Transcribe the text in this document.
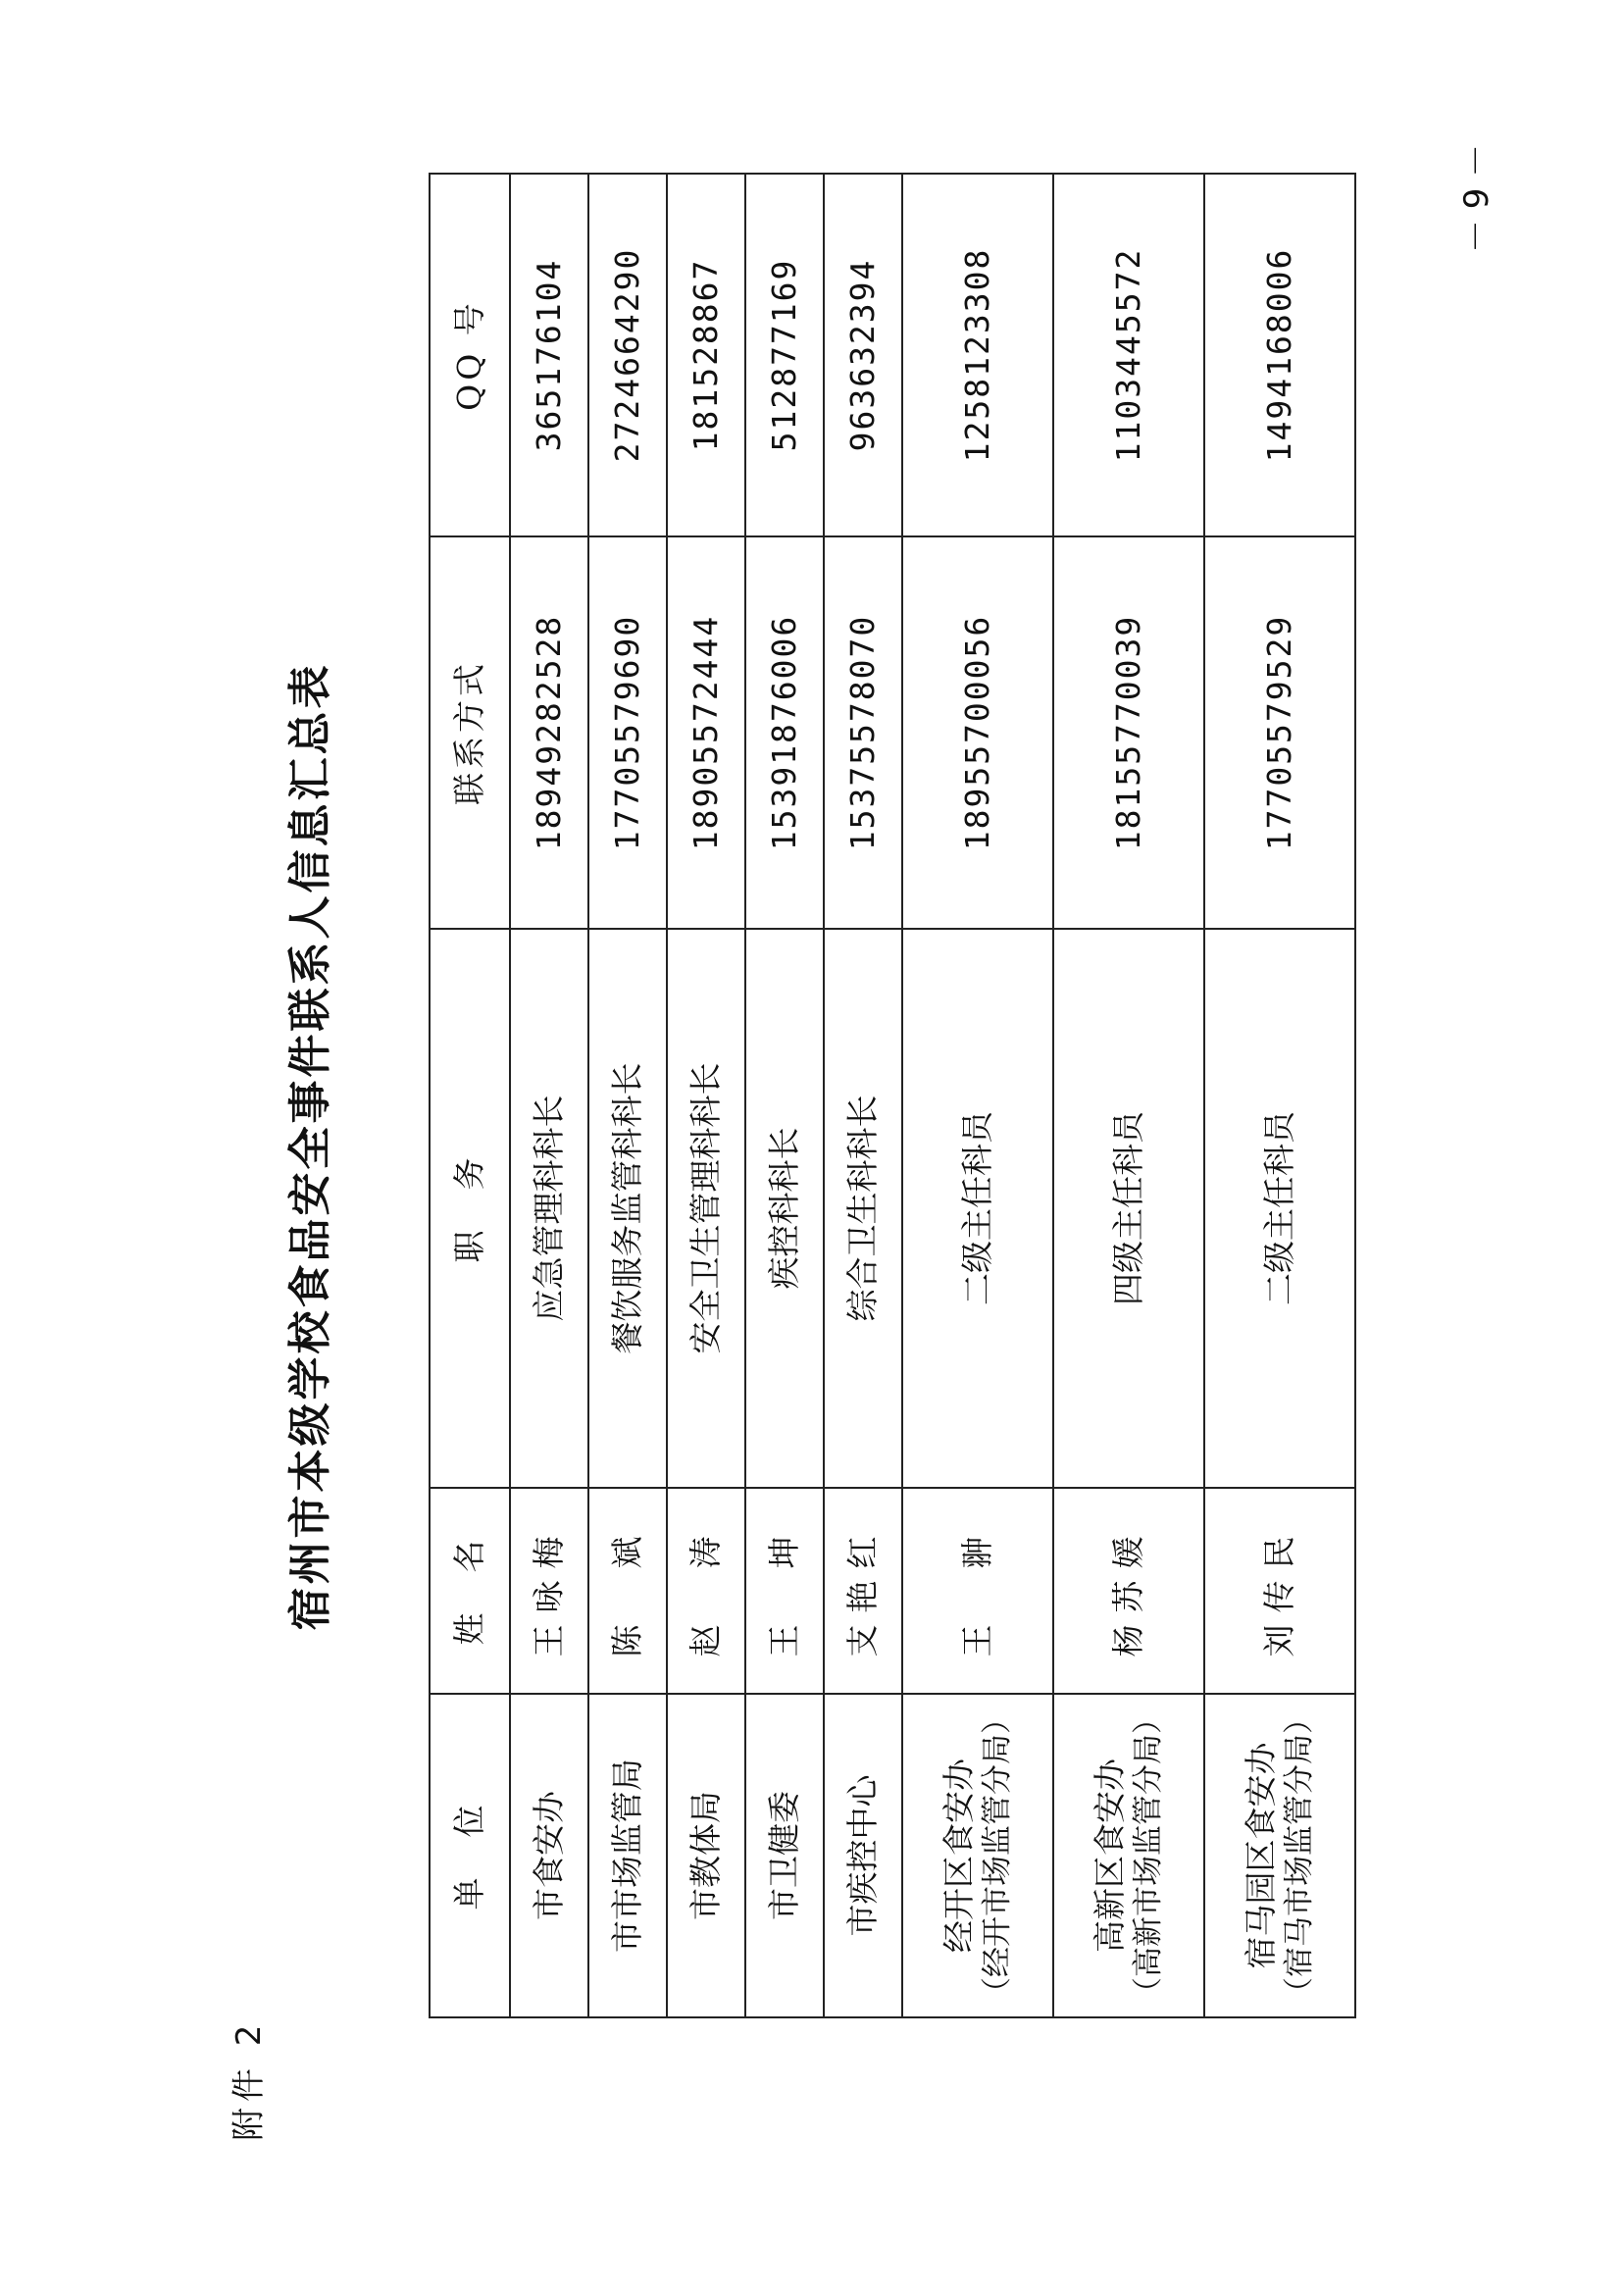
附件 2
宿州市本级学校食品安全事件联系人信息汇总表
单　位	姓　名	职　务	联系方式	QQ 号
市食安办	王咏梅	应急管理科科长	18949282528	365176104
市市场监管局	陈　斌	餐饮服务监管科科长	17705579690	2724664290
市教体局	赵　涛	安全卫生管理科科长	18905572444	181528867
市卫健委	王　坤	疾控科科长	15391876006	512877169
市疾控中心	支艳红	综合卫生科科长	15375578070	963632394
经开区食安办 （经开市场监管分局）	王　翀	二级主任科员	18955700056	1258123308
高新区食安办 （高新市场监管分局）	杨苏媛	四级主任科员	18155770039	1103445572
宿马园区食安办 （宿马市场监管分局）	刘传民	二级主任科员	17705579529	1494168006
－ 9 －
